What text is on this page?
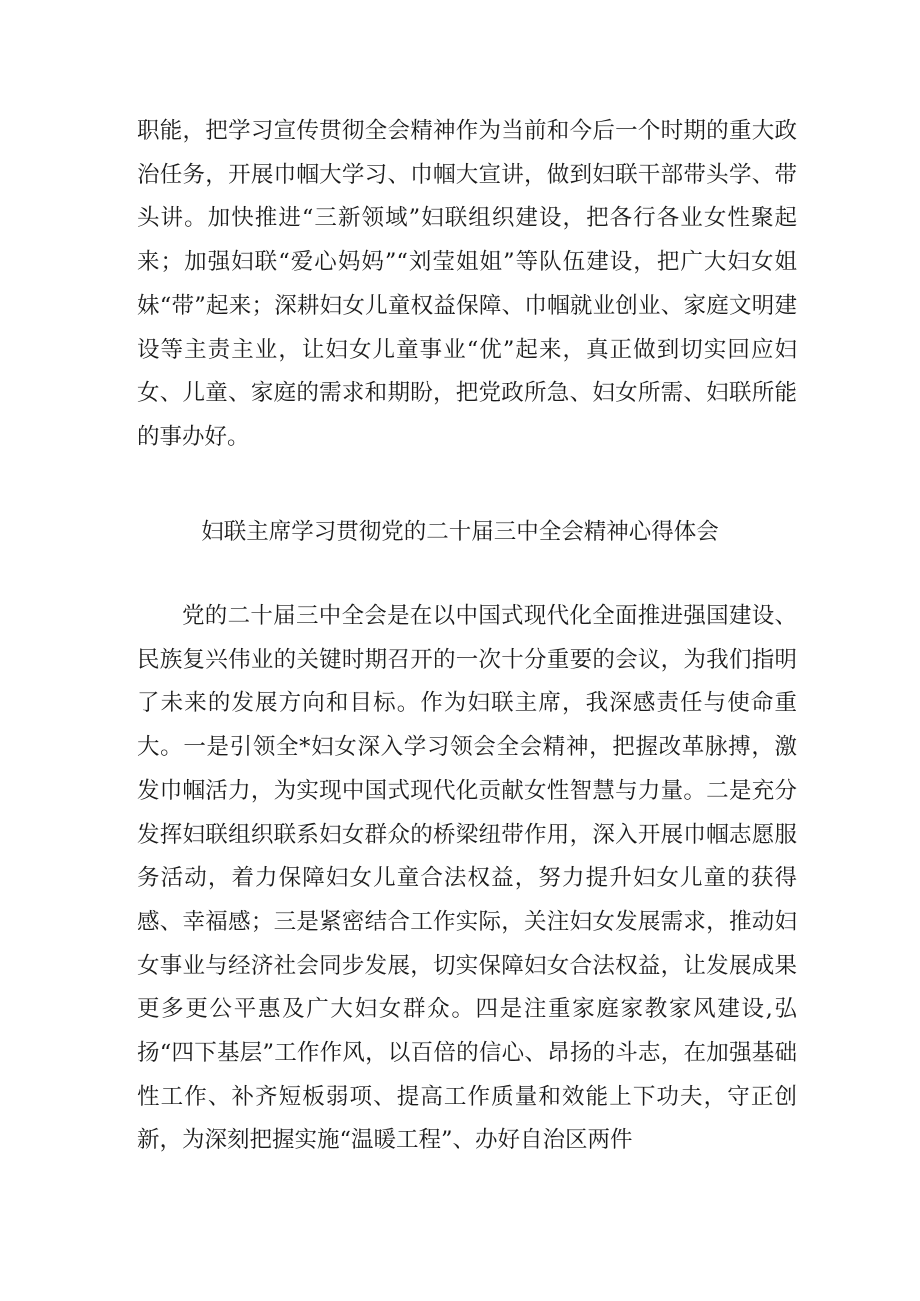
职能，把学习宣传贯彻全会精神作为当前和今后一个时期的重大政治任务，开展巾帼大学习、巾帼大宣讲，做到妇联干部带头学、带头讲。加快推进“三新领域”妇联组织建设，把各行各业女性聚起来；加强妇联“爱心妈妈”“刘莹姐姐”等队伍建设，把广大妇女姐妹“带”起来；深耕妇女儿童权益保障、巾帼就业创业、家庭文明建设等主责主业，让妇女儿童事业“优”起来，真正做到切实回应妇女、儿童、家庭的需求和期盼，把党政所急、妇女所需、妇联所能的事办好。

妇联主席学习贯彻党的二十届三中全会精神心得体会

党的二十届三中全会是在以中国式现代化全面推进强国建设、民族复兴伟业的关键时期召开的一次十分重要的会议，为我们指明了未来的发展方向和目标。作为妇联主席，我深感责任与使命重大。一是引领全*妇女深入学习领会全会精神，把握改革脉搏，激发巾帼活力，为实现中国式现代化贡献女性智慧与力量。二是充分发挥妇联组织联系妇女群众的桥梁纽带作用，深入开展巾帼志愿服务活动，着力保障妇女儿童合法权益，努力提升妇女儿童的获得感、幸福感；三是紧密结合工作实际，关注妇女发展需求，推动妇女事业与经济社会同步发展，切实保障妇女合法权益，让发展成果更多更公平惠及广大妇女群众。四是注重家庭家教家风建设,弘扬“四下基层”工作作风，以百倍的信心、昂扬的斗志，在加强基础性工作、补齐短板弱项、提高工作质量和效能上下功夫，守正创新，为深刻把握实施“温暖工程”、办好自治区两件
